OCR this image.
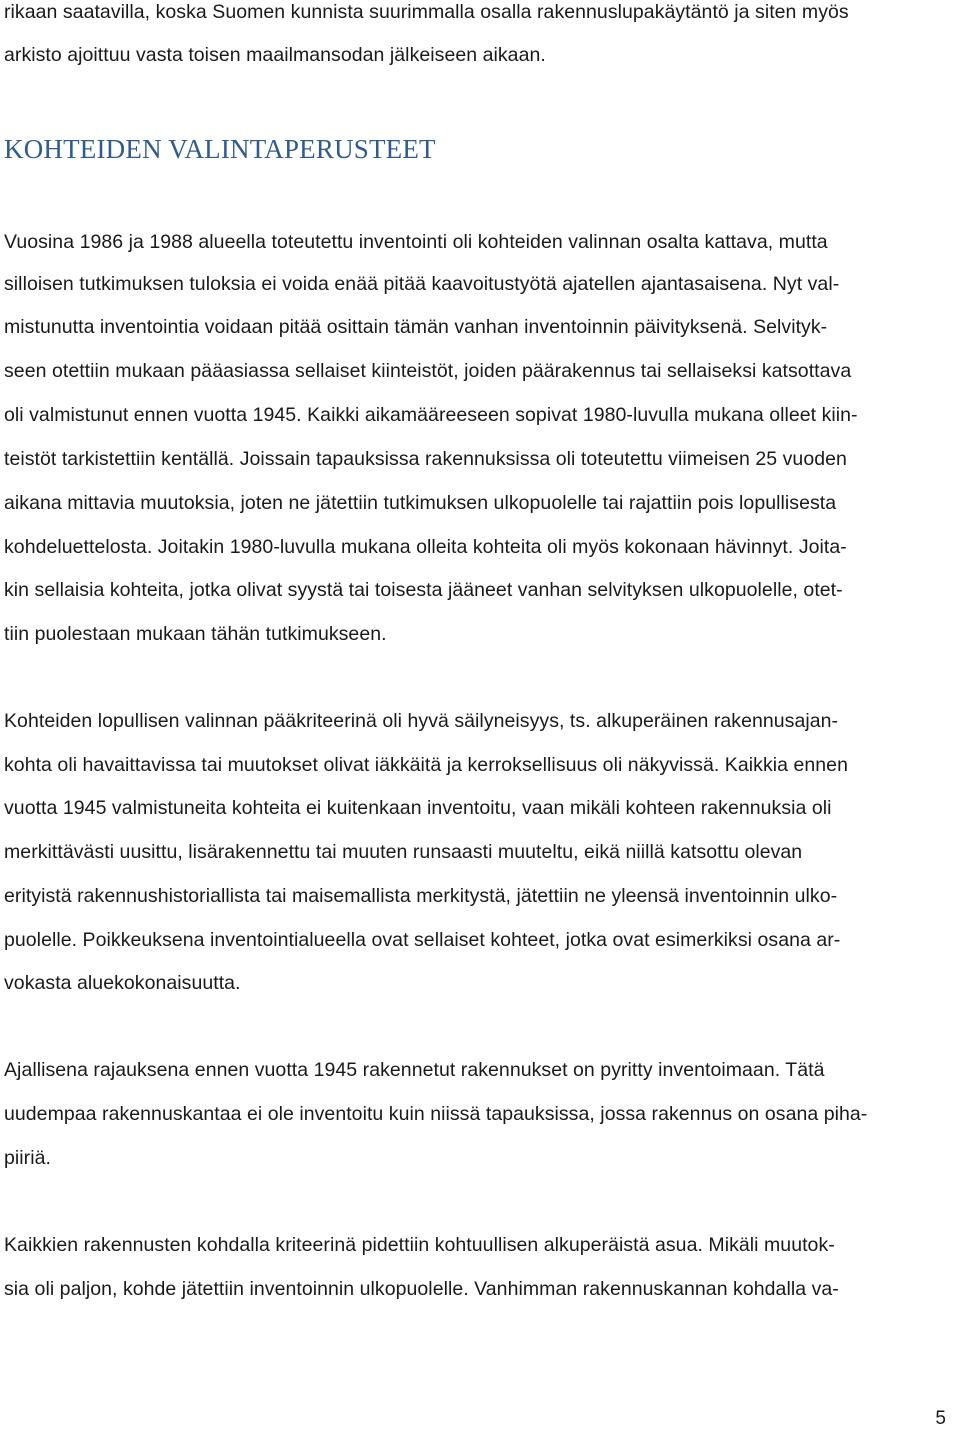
rikaan saatavilla, koska Suomen kunnista suurimmalla osalla rakennuslupakäytäntö ja siten myös
arkisto ajoittuu vasta toisen maailmansodan jälkeiseen aikaan.
KOHTEIDEN VALINTAPERUSTEET
Vuosina 1986 ja 1988 alueella toteutettu inventointi oli kohteiden valinnan osalta kattava, mutta
silloisen tutkimuksen tuloksia ei voida enää pitää kaavoitustyötä ajatellen ajantasaisena. Nyt val-
mistunutta inventointia voidaan pitää osittain tämän vanhan inventoinnin päivityksenä. Selvityk-
seen otettiin mukaan pääasiassa sellaiset kiinteistöt, joiden päärakennus tai sellaiseksi katsottava
oli valmistunut ennen vuotta 1945. Kaikki aikamääreeseen sopivat 1980-luvulla mukana olleet kiin-
teistöt tarkistettiin kentällä. Joissain tapauksissa rakennuksissa oli toteutettu viimeisen 25 vuoden
aikana mittavia muutoksia, joten ne jätettiin tutkimuksen ulkopuolelle tai rajattiin pois lopullisesta
kohdeluettelosta. Joitakin 1980-luvulla mukana olleita kohteita oli myös kokonaan hävinnyt. Joita-
kin sellaisia kohteita, jotka olivat syystä tai toisesta jääneet vanhan selvityksen ulkopuolelle, otet-
tiin puolestaan mukaan tähän tutkimukseen.
Kohteiden lopullisen valinnan pääkriteerinä oli hyvä säilyneisyys, ts. alkuperäinen rakennusajan-
kohta oli havaittavissa tai muutokset olivat iäkkäitä ja kerroksellisuus oli näkyvissä. Kaikkia ennen
vuotta 1945 valmistuneita kohteita ei kuitenkaan inventoitu, vaan mikäli kohteen rakennuksia oli
merkittävästi uusittu, lisärakennettu tai muuten runsaasti muuteltu, eikä niillä katsottu olevan
erityistä rakennushistoriallista tai maisemallista merkitystä, jätettiin ne yleensä inventoinnin ulko-
puolelle. Poikkeuksena inventointialueella ovat sellaiset kohteet, jotka ovat esimerkiksi osana ar-
vokasta aluekokonaisuutta.
Ajallisena rajauksena ennen vuotta 1945 rakennetut rakennukset on pyritty inventoimaan. Tätä
uudempaa rakennuskantaa ei ole inventoitu kuin niissä tapauksissa, jossa rakennus on osana piha-
piiriä.
Kaikkien rakennusten kohdalla kriteerinä pidettiin kohtuullisen alkuperäistä asua. Mikäli muutok-
sia oli paljon, kohde jätettiin inventoinnin ulkopuolelle. Vanhimman rakennuskannan kohdalla va-
5
